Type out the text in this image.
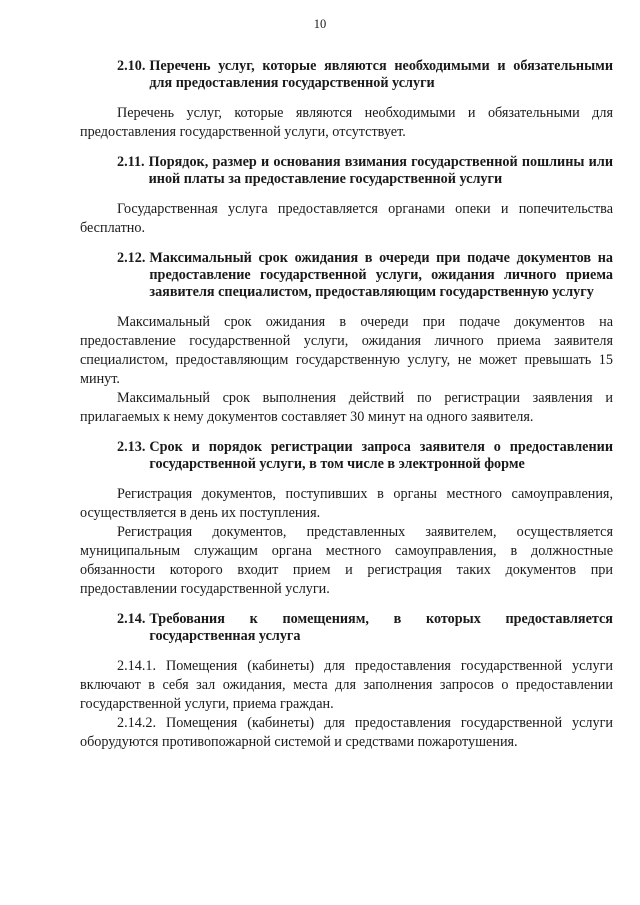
10
2.10. Перечень услуг, которые являются необходимыми и обязательными для предоставления государственной услуги

Перечень услуг, которые являются необходимыми и обязательными для предоставления государственной услуги, отсутствует.

2.11. Порядок, размер и основания взимания государственной пошлины или иной платы за предоставление государственной услуги

Государственная услуга предоставляется органами опеки и попечительства бесплатно.

2.12. Максимальный срок ожидания в очереди при подаче документов на предоставление государственной услуги, ожидания личного приема заявителя специалистом, предоставляющим государственную услугу

Максимальный срок ожидания в очереди при подаче документов на предоставление государственной услуги, ожидания личного приема заявителя специалистом, предоставляющим государственную услугу, не может превышать 15 минут.

Максимальный срок выполнения действий по регистрации заявления и прилагаемых к нему документов составляет 30 минут на одного заявителя.

2.13. Срок и порядок регистрации запроса заявителя о предоставлении государственной услуги, в том числе в электронной форме

Регистрация документов, поступивших в органы местного самоуправления, осуществляется в день их поступления.

Регистрация документов, представленных заявителем, осуществляется муниципальным служащим органа местного самоуправления, в должностные обязанности которого входит прием и регистрация таких документов при предоставлении государственной услуги.

2.14. Требования к помещениям, в которых предоставляется государственная услуга

2.14.1. Помещения (кабинеты) для предоставления государственной услуги включают в себя зал ожидания, места для заполнения запросов о предоставлении государственной услуги, приема граждан.

2.14.2. Помещения (кабинеты) для предоставления государственной услуги оборудуются противопожарной системой и средствами пожаротушения.
